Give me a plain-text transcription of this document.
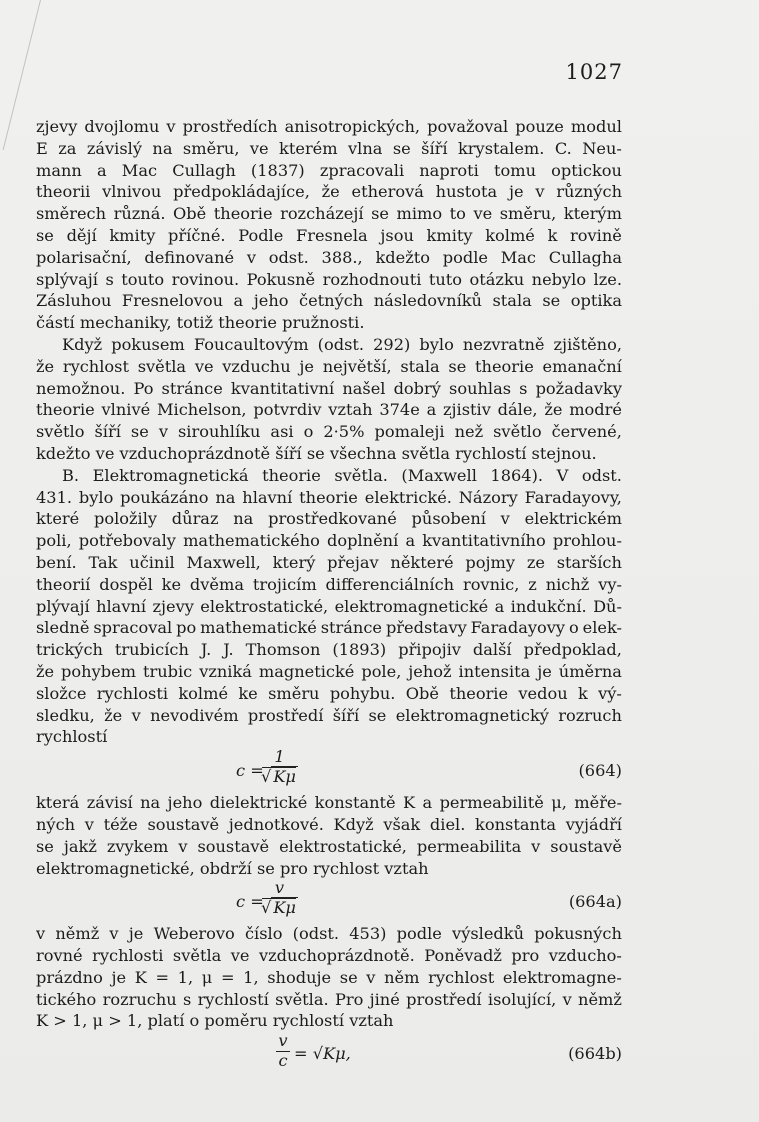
1027
zjevy dvojlomu v prostředích anisotropických, považoval pouze modul
E za závislý na směru, ve kterém vlna se šíří krystalem. C. Neu-
mann a Mac Cullagh (1837) zpracovali naproti tomu optickou
theorii vlnivou předpokládajíce, že etherová hustota je v různých
směrech různá. Obě theorie rozcházejí se mimo to ve směru, kterým
se dějí kmity příčné. Podle Fresnela jsou kmity kolmé k rovině
polarisační, definované v odst. 388., kdežto podle Mac Cullagha
splývají s touto rovinou. Pokusně rozhodnouti tuto otázku nebylo lze.
Zásluhou Fresnelovou a jeho četných následovníků stala se optika
částí mechaniky, totiž theorie pružnosti.
Když pokusem Foucaultovým (odst. 292) bylo nezvratně zjištěno,
že rychlost světla ve vzduchu je největší, stala se theorie emanační
nemožnou. Po stránce kvantitativní našel dobrý souhlas s požadavky
theorie vlnivé Michelson, potvrdiv vztah 374e a zjistiv dále, že modré
světlo šíří se v sirouhlíku asi o 2·5% pomaleji než světlo červené,
kdežto ve vzduchoprázdnotě šíří se všechna světla rychlostí stejnou.
B. Elektromagnetická theorie světla. (Maxwell 1864). V odst.
431. bylo poukázáno na hlavní theorie elektrické. Názory Faradayovy,
které položily důraz na prostředkované působení v elektrickém
poli, potřebovaly mathematického doplnění a kvantitativního prohlou-
bení. Tak učinil Maxwell, který přejav některé pojmy ze starších
theorií dospěl ke dvěma trojicím differenciálních rovnic, z nichž vy-
plývají hlavní zjevy elektrostatické, elektromagnetické a indukční. Dů-
sledně spracoval po mathematické stránce představy Faradayovy o elek-
trických trubicích J. J. Thomson (1893) připojiv další předpoklad,
že pohybem trubic vzniká magnetické pole, jehož intensita je úměrna
složce rychlosti kolmé ke směru pohybu. Obě theorie vedou k vý-
sledku, že v nevodivém prostředí šíří se elektromagnetický rozruch
rychlostí
c =
1
√ Kμ	(664)
která závisí na jeho dielektrické konstantě K a permeabilitě μ, měře-
ných v téže soustavě jednotkové. Když však diel. konstanta vyjádří
se jakž zvykem v soustavě elektrostatické, permeabilita v soustavě
elektromagnetické, obdrží se pro rychlost vztah
c =
v
√ Kμ	(664a)
v němž v je Weberovo číslo (odst. 453) podle výsledků pokusných
rovné rychlosti světla ve vzduchoprázdnotě. Poněvadž pro vzducho-
prázdno je K = 1, μ = 1, shoduje se v něm rychlost elektromagne-
tického rozruchu s rychlostí světla. Pro jiné prostředí isolující, v němž
K > 1, μ > 1, platí o poměru rychlostí vztah
v
c = √Kμ,	(664b)
